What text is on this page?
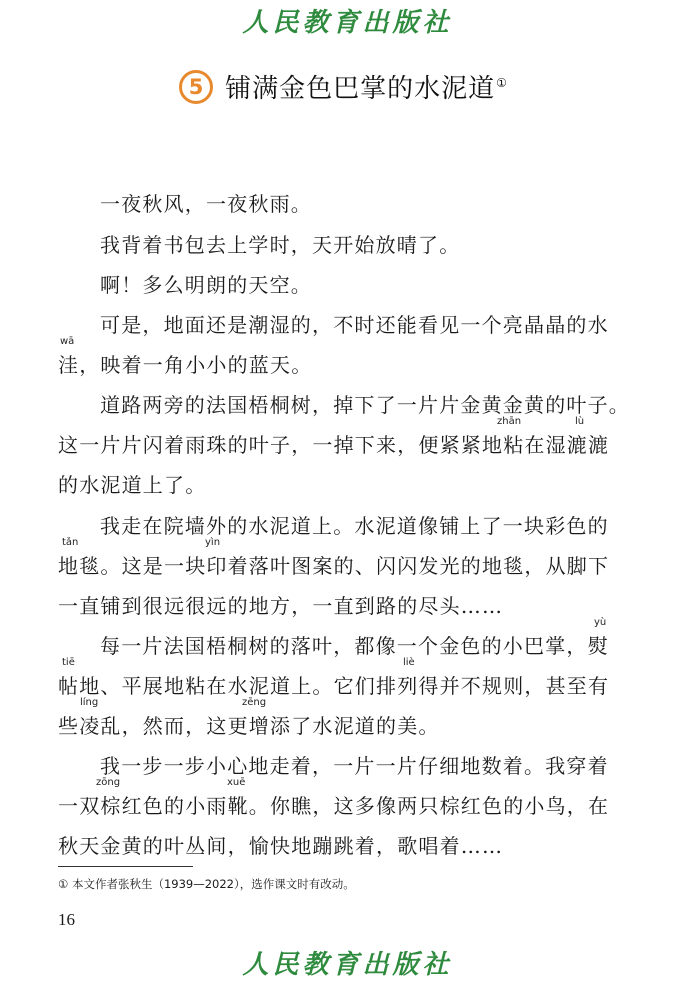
人民教育出版社
5 铺满金色巴掌的水泥道①
一夜秋风，一夜秋雨。
我背着书包去上学时，天开始放晴了。
啊！多么明朗的天空。
可是，地面还是潮湿的，不时还能看见一个亮晶晶的水
洼，映着一角小小的蓝天。
道路两旁的法国梧桐树，掉下了一片片金黄金黄的叶子。
这一片片闪着雨珠的叶子，一掉下来，便紧紧地粘在湿漉漉
的水泥道上了。
我走在院墙外的水泥道上。水泥道像铺上了一块彩色的
地毯。这是一块印着落叶图案的、闪闪发光的地毯，从脚下
一直铺到很远很远的地方，一直到路的尽头……
每一片法国梧桐树的落叶，都像一个金色的小巴掌，熨
帖地、平展地粘在水泥道上。它们排列得并不规则，甚至有
些凌乱，然而，这更增添了水泥道的美。
我一步一步小心地走着，一片一片仔细地数着。我穿着
一双棕红色的小雨靴。你瞧，这多像两只棕红色的小鸟，在
秋天金黄的叶丛间，愉快地蹦跳着，歌唱着……
wā
zhān	lù
tǎn	yìn
yù
tiē	liè
líng	zēng
zōng	xuē
① 本文作者张秋生（1939—2022），选作课文时有改动。
16
人民教育出版社
